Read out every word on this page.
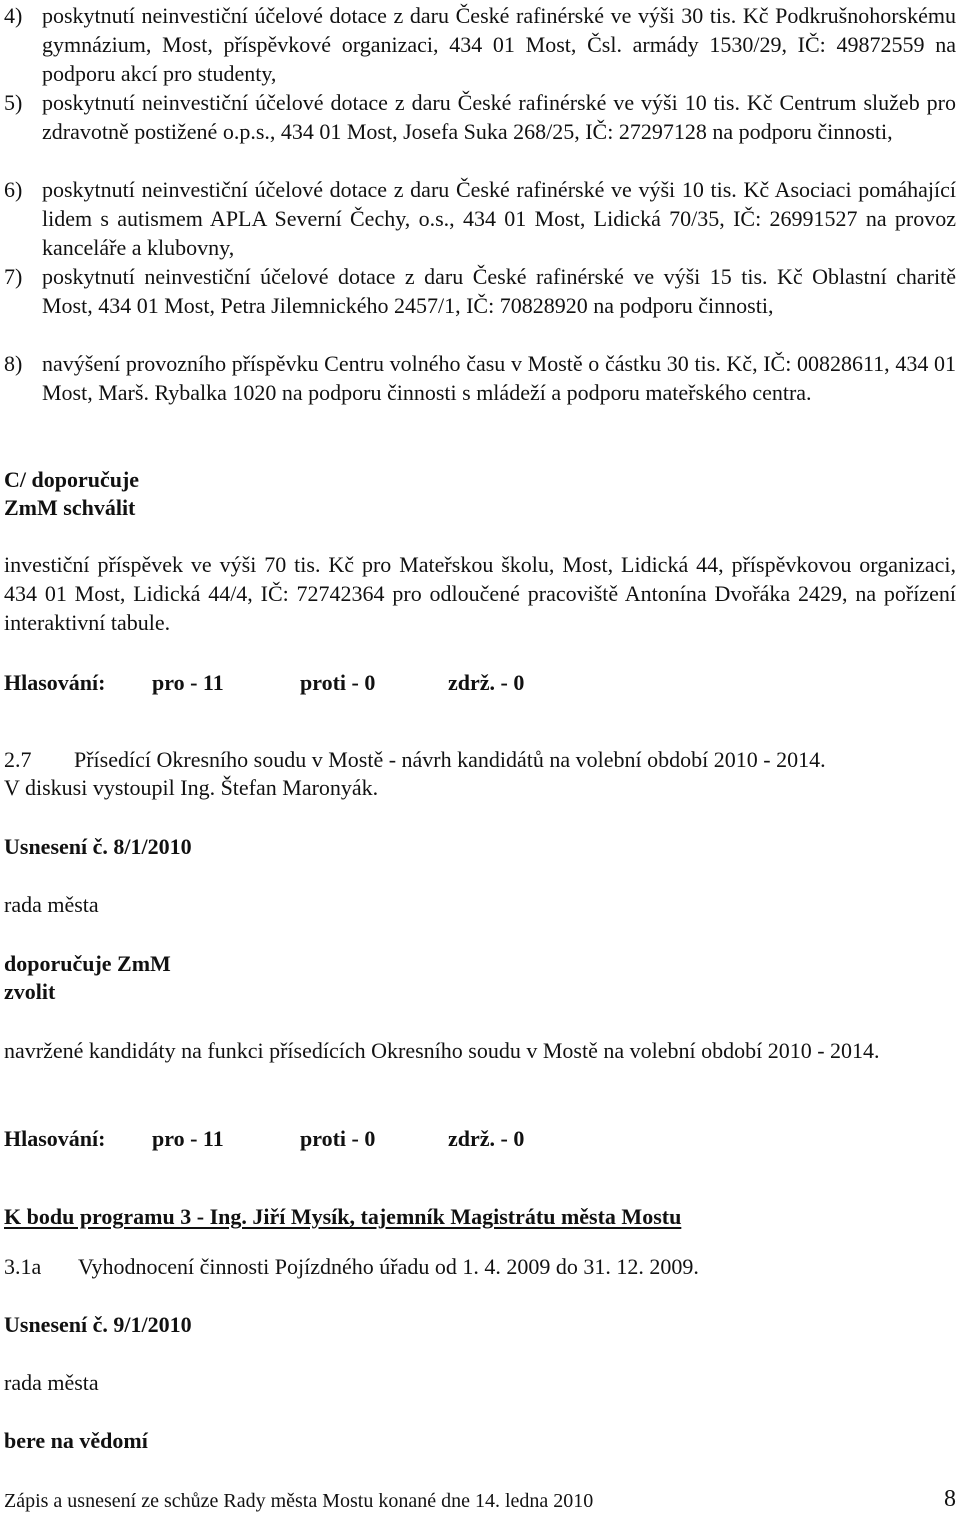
4) poskytnutí neinvestiční účelové dotace z daru České rafinérské ve výši 30 tis. Kč Podkrušnohorskému gymnázium, Most, příspěvkové organizaci, 434 01 Most, Čsl. armády 1530/29, IČ: 49872559 na podporu akcí pro studenty,
5) poskytnutí neinvestiční účelové dotace z daru České rafinérské ve výši 10 tis. Kč Centrum služeb pro zdravotně postižené o.p.s., 434 01 Most, Josefa Suka 268/25, IČ: 27297128 na podporu činnosti,
6) poskytnutí neinvestiční účelové dotace z daru České rafinérské ve výši 10 tis. Kč Asociaci pomáhající lidem s autismem APLA Severní Čechy, o.s., 434 01 Most, Lidická 70/35, IČ: 26991527 na provoz kanceláře a klubovny,
7) poskytnutí neinvestiční účelové dotace z daru České rafinérské ve výši 15 tis. Kč Oblastní charitě Most, 434 01 Most, Petra Jilemnického 2457/1, IČ: 70828920 na podporu činnosti,
8) navýšení provozního příspěvku Centru volného času v Mostě o částku 30 tis. Kč, IČ: 00828611, 434 01 Most, Marš. Rybalka 1020 na podporu činnosti s mládeží a podporu mateřského centra.
C/ doporučuje
ZmM schválit
investiční příspěvek ve výši 70 tis. Kč pro Mateřskou školu, Most, Lidická 44, příspěvkovou organizaci, 434 01 Most, Lidická 44/4, IČ: 72742364 pro odloučené pracoviště Antonína Dvořáka 2429, na pořízení interaktivní tabule.
Hlasování: pro - 11	proti - 0	zdrž. - 0
2.7 Přísedící Okresního soudu v Mostě - návrh kandidátů na volební období 2010 - 2014.
V diskusi vystoupil Ing. Štefan Maronyák.
Usnesení č. 8/1/2010
rada města
doporučuje ZmM
zvolit
navržené kandidáty na funkci přísedících Okresního soudu v Mostě na volební období 2010 - 2014.
Hlasování: pro - 11	proti - 0	zdrž. - 0
K bodu programu 3 - Ing. Jiří Mysík, tajemník Magistrátu města Mostu
3.1a Vyhodnocení činnosti Pojízdného úřadu od 1. 4. 2009 do 31. 12. 2009.
Usnesení č. 9/1/2010
rada města
bere na vědomí
Zápis a usnesení ze schůze Rady města Mostu konané dne 14. ledna 2010	8
